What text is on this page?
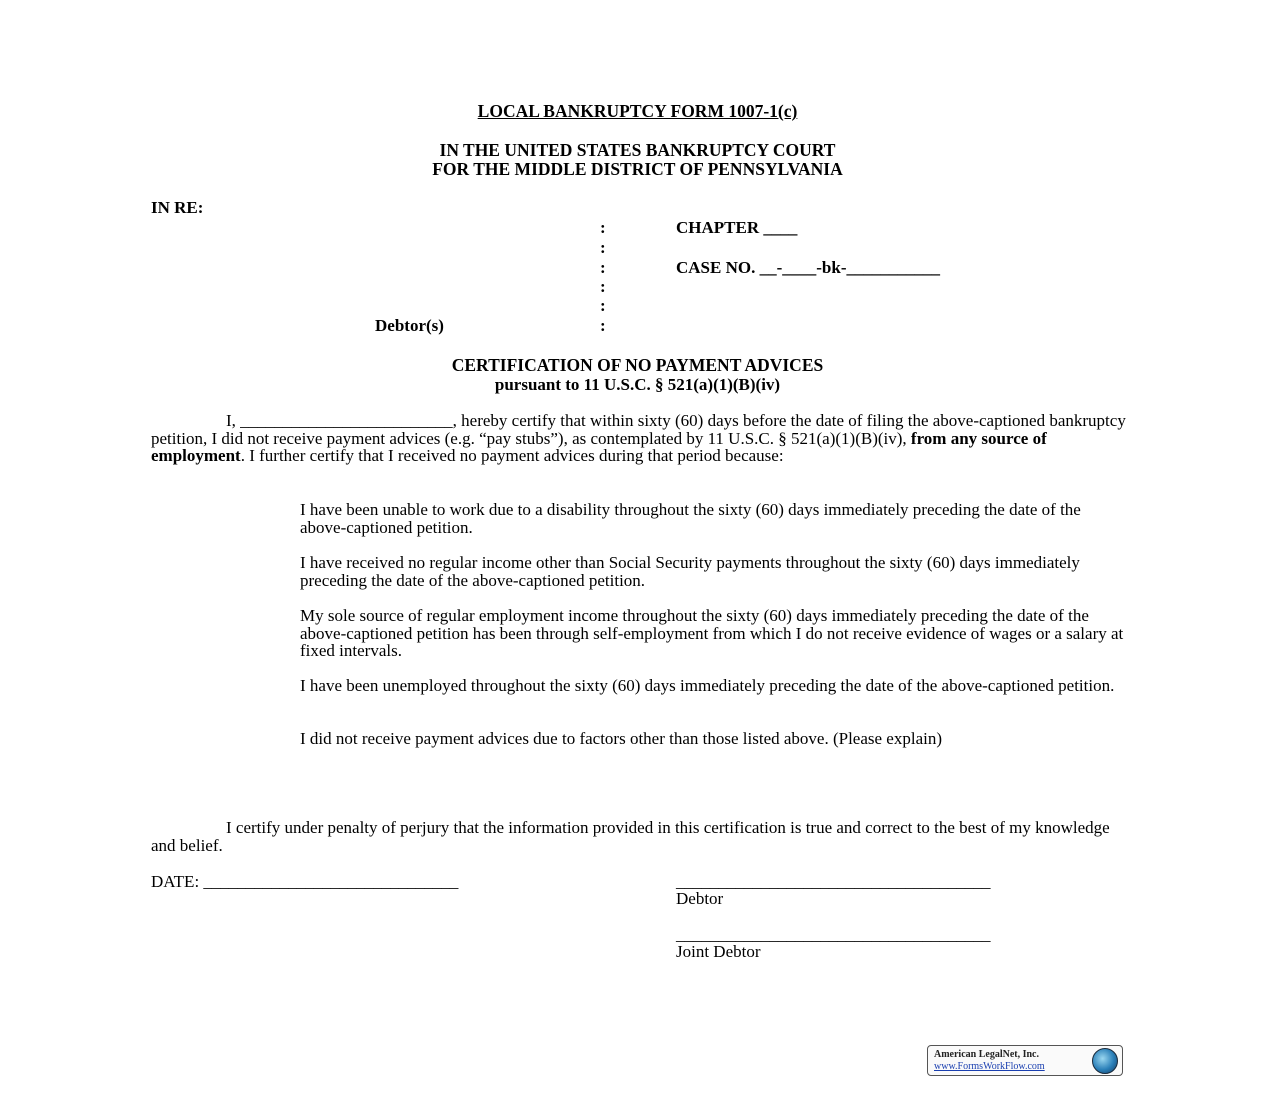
LOCAL BANKRUPTCY FORM 1007-1(c)
IN THE UNITED STATES BANKRUPTCY COURT
FOR THE MIDDLE DISTRICT OF PENNSYLVANIA
IN RE:
:
:
:
:
:
:
CHAPTER ____
CASE NO. __-____-bk-___________
Debtor(s)
CERTIFICATION OF NO PAYMENT ADVICES
pursuant to 11 U.S.C. § 521(a)(1)(B)(iv)
I, _________________________, hereby certify that within sixty (60) days before the date of filing the above-captioned bankruptcy petition, I did not receive payment advices (e.g. “pay stubs”), as contemplated by 11 U.S.C. § 521(a)(1)(B)(iv), from any source of employment. I further certify that I received no payment advices during that period because:
I have been unable to work due to a disability throughout the sixty (60) days immediately preceding the date of the above-captioned petition.
I have received no regular income other than Social Security payments throughout the sixty (60) days immediately preceding the date of the above-captioned petition.
My sole source of regular employment income throughout the sixty (60) days immediately preceding the date of the above-captioned petition has been through self-employment from which I do not receive evidence of wages or a salary at fixed intervals.
I have been unemployed throughout the sixty (60) days immediately preceding the date of the above-captioned petition.
I did not receive payment advices due to factors other than those listed above. (Please explain)
I certify under penalty of perjury that the information provided in this certification is true and correct to the best of my knowledge and belief.
DATE: ______________________________	_____________________________________
Debtor
_____________________________________
Joint Debtor
American LegalNet, Inc.
www.FormsWorkFlow.com
